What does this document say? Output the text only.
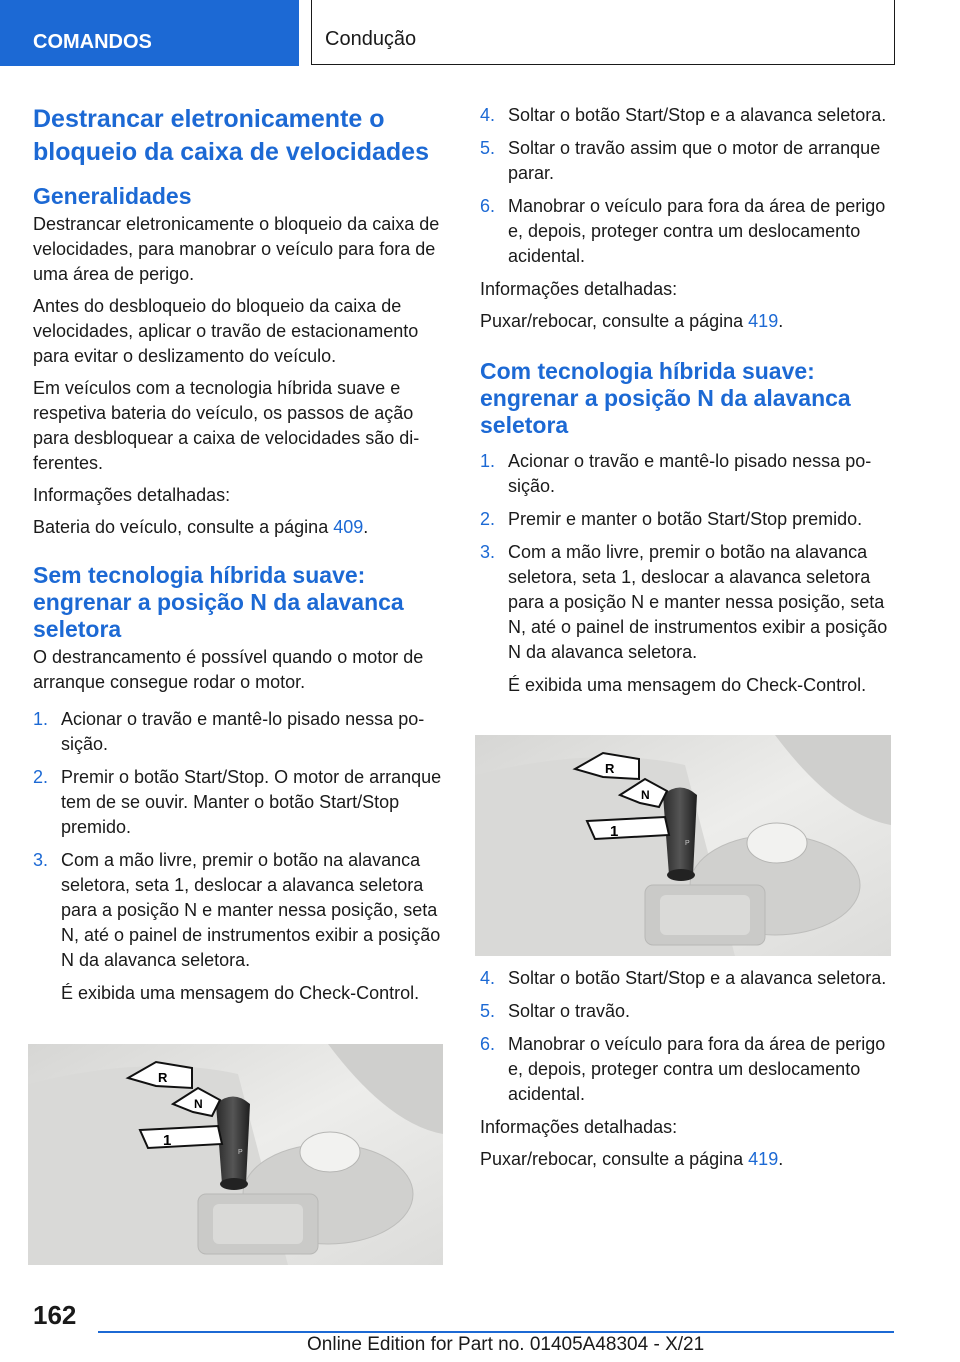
COMANDOS	Condução
Destrancar eletronicamente o bloqueio da caixa de velocidades
Generalidades

Destrancar eletronicamente o bloqueio da caixa de velocidades, para manobrar o veículo para fora de uma área de perigo.

Antes do desbloqueio do bloqueio da caixa de velocidades, aplicar o travão de estacionamento para evitar o deslizamento do veículo.

Em veículos com a tecnologia híbrida suave e respetiva bateria do veículo, os passos de ação para desbloquear a caixa de velocidades são diferentes.

Informações detalhadas:

Bateria do veículo, consulte a página 409.

Sem tecnologia híbrida suave: engrenar a posição N da alavanca seletora

O destrancamento é possível quando o motor de arranque consegue rodar o motor.

1. Acionar o travão e mantê-lo pisado nessa posição.
2. Premir o botão Start/Stop. O motor de arranque tem de se ouvir. Manter o botão Start/Stop premido.
3. Com a mão livre, premir o botão na alavanca seletora, seta 1, deslocar a alavanca seletora para a posição N e manter nessa posição, seta N, até o painel de instrumentos exibir a posição N da alavanca seletora.

É exibida uma mensagem do Check-Control.

P
R
N
1
4. Soltar o botão Start/Stop e a alavanca seletora.
5. Soltar o travão assim que o motor de arranque parar.
6. Manobrar o veículo para fora da área de perigo e, depois, proteger contra um deslocamento acidental.

Informações detalhadas:

Puxar/rebocar, consulte a página 419.

Com tecnologia híbrida suave: engrenar a posição N da alavanca seletora
1. Acionar o travão e mantê-lo pisado nessa posição.
2. Premir e manter o botão Start/Stop premido.
3. Com a mão livre, premir o botão na alavanca seletora, seta 1, deslocar a alavanca seletora para a posição N e manter nessa posição, seta N, até o painel de instrumentos exibir a posição N da alavanca seletora.

É exibida uma mensagem do Check-Control.

4. Soltar o botão Start/Stop e a alavanca seletora.
5. Soltar o travão.
6. Manobrar o veículo para fora da área de perigo e, depois, proteger contra um deslocamento acidental.

Informações detalhadas:

Puxar/rebocar, consulte a página 419.

P
R
N
1
162
Online Edition for Part no. 01405A48304 - X/21
